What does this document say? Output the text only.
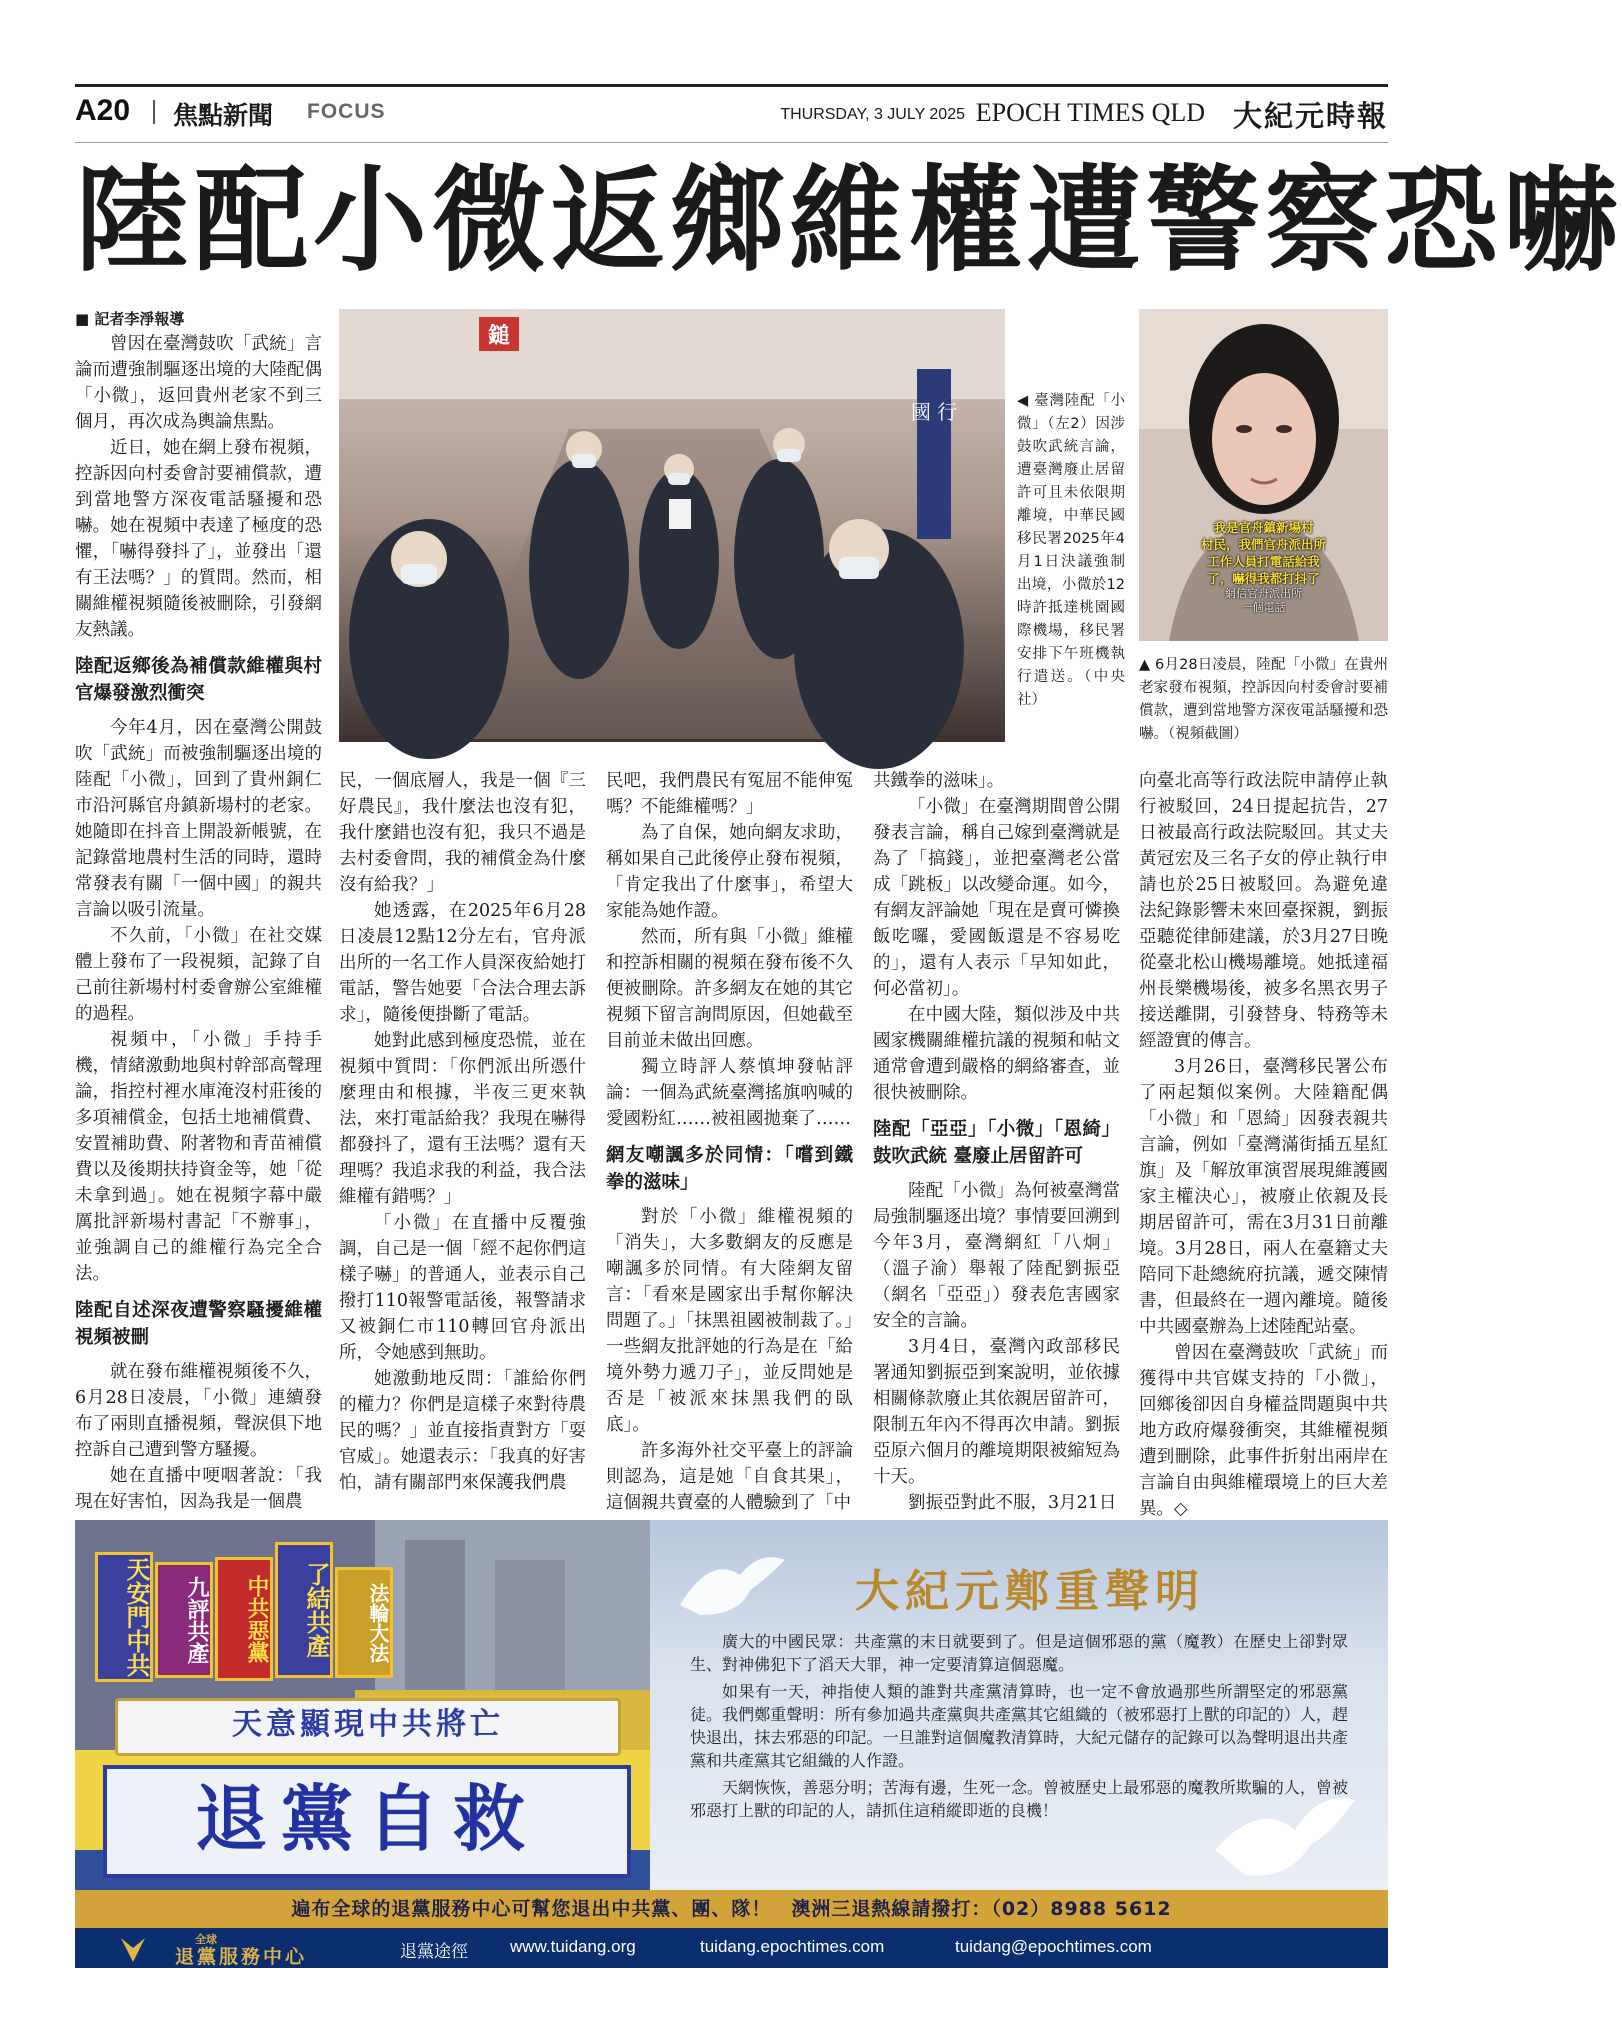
A20 焦點新聞 FOCUS	THURSDAY, 3 JULY 2025 EPOCH TIMES QLD 大紀元時報
陸配小微返鄉維權遭警察恐嚇
■ 記者李淨報導

曾因在臺灣鼓吹「武統」言論而遭強制驅逐出境的大陸配偶「小微」，返回貴州老家不到三個月，再次成為輿論焦點。

近日，她在網上發布視頻，控訴因向村委會討要補償款，遭到當地警方深夜電話騷擾和恐嚇。她在視頻中表達了極度的恐懼，「嚇得發抖了」，並發出「還有王法嗎？」的質問。然而，相關維權視頻隨後被刪除，引發網友熱議。

陸配返鄉後為補償款維權與村官爆發激烈衝突

今年4月，因在臺灣公開鼓吹「武統」而被強制驅逐出境的陸配「小微」，回到了貴州銅仁市沿河縣官舟鎮新場村的老家。她隨即在抖音上開設新帳號，在記錄當地農村生活的同時，還時常發表有關「一個中國」的親共言論以吸引流量。

不久前，「小微」在社交媒體上發布了一段視頻，記錄了自己前往新場村村委會辦公室維權的過程。

視頻中，「小微」手持手機，情緒激動地與村幹部高聲理論，指控村裡水庫淹沒村莊後的多項補償金，包括土地補償費、安置補助費、附著物和青苗補償費以及後期扶持資金等，她「從未拿到過」。她在視頻字幕中嚴厲批評新場村書記「不辦事」，並強調自己的維權行為完全合法。

陸配自述深夜遭警察騷擾維權視頻被刪

就在發布維權視頻後不久，6月28日凌晨，「小微」連續發布了兩則直播視頻，聲淚俱下地控訴自己遭到警方騷擾。

她在直播中哽咽著說：「我現在好害怕，因為我是一個農

鎚
國 行	◀ 臺灣陸配「小微」（左2）因涉鼓吹武統言論，遭臺灣廢止居留許可且未依限期離境，中華民國移民署2025年4月1日決議強制出境，小微於12時許抵達桃園國際機場，移民署安排下午班機執行遣送。（中央社）
我是官舟鎮新場村
村民，我們官舟派出所
工作人員打電話給我
了，嚇得我都打抖了
網信官舟派出所
一個電話
▲ 6月28日凌晨，陸配「小微」在貴州老家發布視頻，控訴因向村委會討要補償款，遭到當地警方深夜電話騷擾和恐嚇。（視頻截圖）

民，一個底層人，我是一個『三好農民』，我什麼法也沒有犯，我什麼錯也沒有犯，我只不過是去村委會問，我的補償金為什麼沒有給我？」

她透露，在2025年6月28日凌晨12點12分左右，官舟派出所的一名工作人員深夜給她打電話，警告她要「合法合理去訴求」，隨後便掛斷了電話。

她對此感到極度恐慌，並在視頻中質問：「你們派出所憑什麼理由和根據，半夜三更來執法，來打電話給我？我現在嚇得都發抖了，還有王法嗎？還有天理嗎？我追求我的利益，我合法維權有錯嗎？」

「小微」在直播中反覆強調，自己是一個「經不起你們這樣子嚇」的普通人，並表示自己撥打110報警電話後，報警請求又被銅仁市110轉回官舟派出所，令她感到無助。

她激動地反問：「誰給你們的權力？你們是這樣子來對待農民的嗎？」並直接指責對方「耍官威」。她還表示：「我真的好害怕，請有關部門來保護我們農

民吧，我們農民有冤屈不能伸冤嗎？不能維權嗎？」

為了自保，她向網友求助，稱如果自己此後停止發布視頻，「肯定我出了什麼事」，希望大家能為她作證。

然而，所有與「小微」維權和控訴相關的視頻在發布後不久便被刪除。許多網友在她的其它視頻下留言詢問原因，但她截至目前並未做出回應。

獨立時評人蔡慎坤發帖評論：一個為武統臺灣搖旗吶喊的愛國粉紅……被祖國拋棄了……

網友嘲諷多於同情：「嚐到鐵拳的滋味」

對於「小微」維權視頻的「消失」，大多數網友的反應是嘲諷多於同情。有大陸網友留言：「看來是國家出手幫你解決問題了。」「抹黑祖國被制裁了。」一些網友批評她的行為是在「給境外勢力遞刀子」，並反問她是否是「被派來抹黑我們的臥底」。

許多海外社交平臺上的評論則認為，這是她「自食其果」，這個親共賣臺的人體驗到了「中

共鐵拳的滋味」。

「小微」在臺灣期間曾公開發表言論，稱自己嫁到臺灣就是為了「搞錢」，並把臺灣老公當成「跳板」以改變命運。如今，有網友評論她「現在是賣可憐換飯吃囉，愛國飯還是不容易吃的」，還有人表示「早知如此，何必當初」。

在中國大陸，類似涉及中共國家機關維權抗議的視頻和帖文通常會遭到嚴格的網絡審查，並很快被刪除。

陸配「亞亞」「小微」「恩綺」鼓吹武統 臺廢止居留許可

陸配「小微」為何被臺灣當局強制驅逐出境？事情要回溯到今年3月，臺灣網紅「八炯」（溫子渝）舉報了陸配劉振亞（網名「亞亞」）發表危害國家安全的言論。

3月4日，臺灣內政部移民署通知劉振亞到案說明，並依據相關條款廢止其依親居留許可，限制五年內不得再次申請。劉振亞原六個月的離境期限被縮短為十天。

劉振亞對此不服，3月21日

向臺北高等行政法院申請停止執行被駁回，24日提起抗告，27日被最高行政法院駁回。其丈夫黃冠宏及三名子女的停止執行申請也於25日被駁回。為避免違法紀錄影響未來回臺探親，劉振亞聽從律師建議，於3月27日晚從臺北松山機場離境。她抵達福州長樂機場後，被多名黑衣男子接送離開，引發替身、特務等未經證實的傳言。

3月26日，臺灣移民署公布了兩起類似案例。大陸籍配偶「小微」和「恩綺」因發表親共言論，例如「臺灣滿街插五星紅旗」及「解放軍演習展現維護國家主權決心」，被廢止依親及長期居留許可，需在3月31日前離境。3月28日，兩人在臺籍丈夫陪同下赴總統府抗議，遞交陳情書，但最終在一週內離境。隨後中共國臺辦為上述陸配站臺。

曾因在臺灣鼓吹「武統」而獲得中共官媒支持的「小微」，回鄉後卻因自身權益問題與中共地方政府爆發衝突，其維權視頻遭到刪除，此事件折射出兩岸在言論自由與維權環境上的巨大差異。◇

天安門中共	九評共產	中共惡黨	了結共產	法輪大法
天意顯現中共將亡
退黨自救
大紀元鄭重聲明

廣大的中國民眾：共產黨的末日就要到了。但是這個邪惡的黨（魔教）在歷史上卻對眾生、對神佛犯下了滔天大罪，神一定要清算這個惡魔。

如果有一天，神指使人類的誰對共產黨清算時，也一定不會放過那些所謂堅定的邪惡黨徒。我們鄭重聲明：所有參加過共產黨與共產黨其它組織的（被邪惡打上獸的印記的）人，趕快退出，抹去邪惡的印記。一旦誰對這個魔教清算時，大紀元儲存的記錄可以為聲明退出共產黨和共產黨其它組織的人作證。

天網恢恢，善惡分明；苦海有邊，生死一念。曾被歷史上最邪惡的魔教所欺騙的人，曾被邪惡打上獸的印記的人，請抓住這稍縱即逝的良機！

遍布全球的退黨服務中心可幫您退出中共黨、團、隊！　澳洲三退熱線請撥打：（02）8988 5612
全球
退黨服務中心	退黨途徑 www.tuidang.org	tuidang.epochtimes.com	tuidang@epochtimes.com
